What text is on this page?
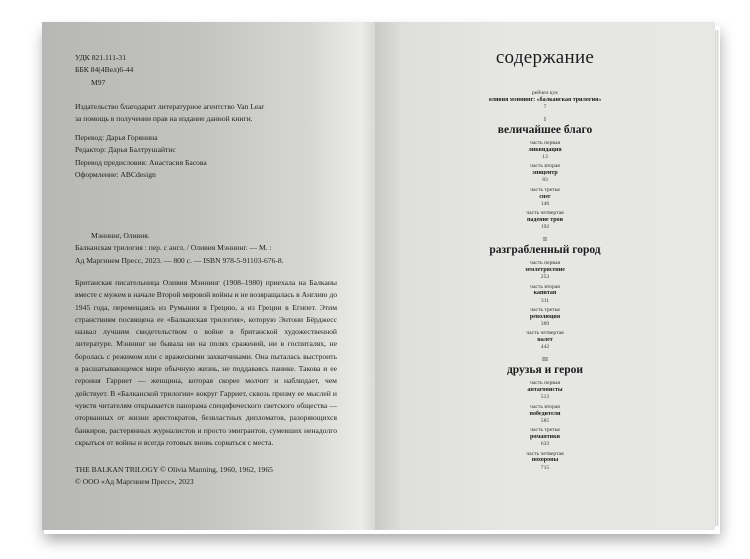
УДК 821.111-31
ББК 84(4Вел)6-44
М97
Издательство благодарит литературное агентство Van Lear
за помощь в получении прав на издание данной книги.
Перевод: Дарья Горянина
Редактор: Дарья Балтрушайтис
Перевод предисловия: Анастасия Басова
Оформление: ABCdesign
Мэннинг, Оливия.
Балканская трилогия : пер. с англ. / Оливия Мэннинг. — М. :
Ад Маргинем Пресс, 2023. — 800 с. — ISBN 978-5-91103-676-8.
Британская писательница Оливия Мэннинг (1908–1980) приехала на Балканы вместе с мужем в начале Второй мировой войны и не возвращалась в Англию до 1945 года, перемещаясь из Румынии в Грецию, а из Греции в Египет. Этим странствиям посвящена ее «Балканская трилогия», которую Энтони Бёрджесс назвал лучшим свидетельством о войне в британской художественной литературе. Мэннинг не бывала ни на полях сражений, ни в госпиталях, не боролась с режимом или с вражескими захватчиками. Она пыталась выстроить в расшатывающемся мире обычную жизнь, не поддаваясь панике. Такова и ее героиня Гарриет — женщина, которая скорее молчит и наблюдает, чем действует. В «Балканской трилогии» вокруг Гарриет, сквозь призму ее мыслей и чувств читателям открывается панорама специфического светского общества — оторванных от жизни аристократов, безвластных дипломатов, разоряющихся банкиров, растерянных журналистов и просто эмигрантов, сумевших ненадолго скрыться от войны и всегда готовых вновь сорваться с места.
THE BALKAN TRILOGY © Olivia Manning, 1960, 1962, 1965
© ООО «Ад Маргинем Пресс», 2023
содержание
рейчел кук
оливия мэннинг: «балканская трилогия»
7
I
величайшее благо
часть первая
ликвидация
13
часть вторая
эпицентр
83
часть третья
снег
146
часть четвертая
падение трои
192
II
разграбленный город
часть первая
землетрясение
253
часть вторая
капитан
311
часть третья
революция
389
часть четвертая
налет
442
III
друзья и герои
часть первая
антагонисты
513
часть вторая
победители
585
часть третья
романтики
633
часть четвертая
похороны
715
